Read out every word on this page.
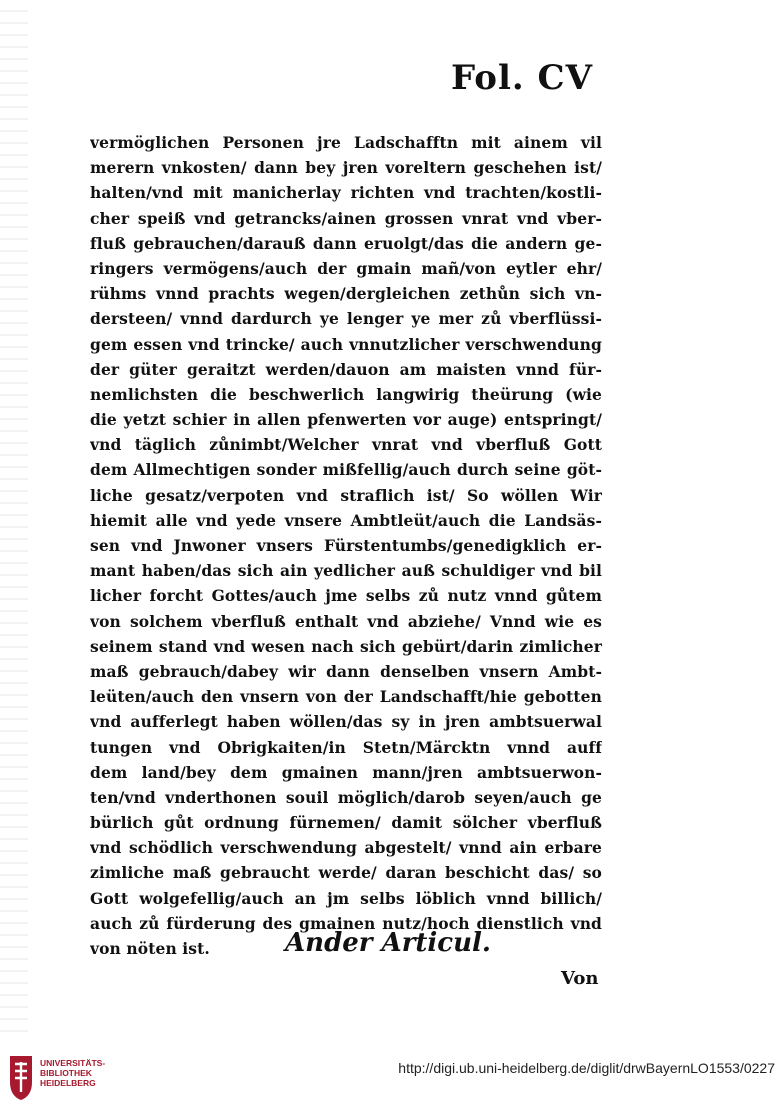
Fol. CV
vermöglichen Personen jre Ladschafftn mit ainem vil
merern vnkosten/ dann bey jren voreltern geschehen ist/
halten/vnd mit manicherlay richten vnd trachten/kostli-
cher speiß vnd getrancks/ainen grossen vnrat vnd vber-
fluß gebrauchen/darauß dann eruolgt/das die andern ge-
ringers vermögens/auch der gmain mañ/von eytler ehr/
rühms vnnd prachts wegen/dergleichen zethůn sich vn-
dersteen/ vnnd dardurch ye lenger ye mer zů vberflüssi-
gem essen vnd trincke/ auch vnnutzlicher verschwendung
der güter geraitzt werden/dauon am maisten vnnd für-
nemlichsten die beschwerlich langwirig theürung (wie
die yetzt schier in allen pfenwerten vor auge) entspringt/
vnd täglich zůnimbt/Welcher vnrat vnd vberfluß Gott
dem Allmechtigen sonder mißfellig/auch durch seine göt-
liche gesatz/verpoten vnd straflich ist/ So wöllen Wir
hiemit alle vnd yede vnsere Ambtleüt/auch die Landsäs-
sen vnd Jnwoner vnsers Fürstentumbs/genedigklich er-
mant haben/das sich ain yedlicher auß schuldiger vnd bil
licher forcht Gottes/auch jme selbs zů nutz vnnd gůtem
von solchem vberfluß enthalt vnd abziehe/ Vnnd wie es
seinem stand vnd wesen nach sich gebürt/darin zimlicher
maß gebrauch/dabey wir dann denselben vnsern Ambt-
leüten/auch den vnsern von der Landschafft/hie gebotten
vnd aufferlegt haben wöllen/das sy in jren ambtsuerwal
tungen vnd Obrigkaiten/in Stetn/Märcktn vnnd auff
dem land/bey dem gmainen mann/jren ambtsuerwon-
ten/vnd vnderthonen souil möglich/darob seyen/auch ge
bürlich gůt ordnung fürnemen/ damit sölcher vberfluß
vnd schödlich verschwendung abgestelt/ vnnd ain erbare
zimliche maß gebraucht werde/ daran beschicht das/ so
Gott wolgefellig/auch an jm selbs löblich vnnd billich/
auch zů fürderung des gmainen nutz/hoch dienstlich vnd
von nöten ist.	Ander Articul.
Von
UNIVERSITÄTS-
BIBLIOTHEK
HEIDELBERG
http://digi.ub.uni-heidelberg.de/diglit/drwBayernLO1553/0227
